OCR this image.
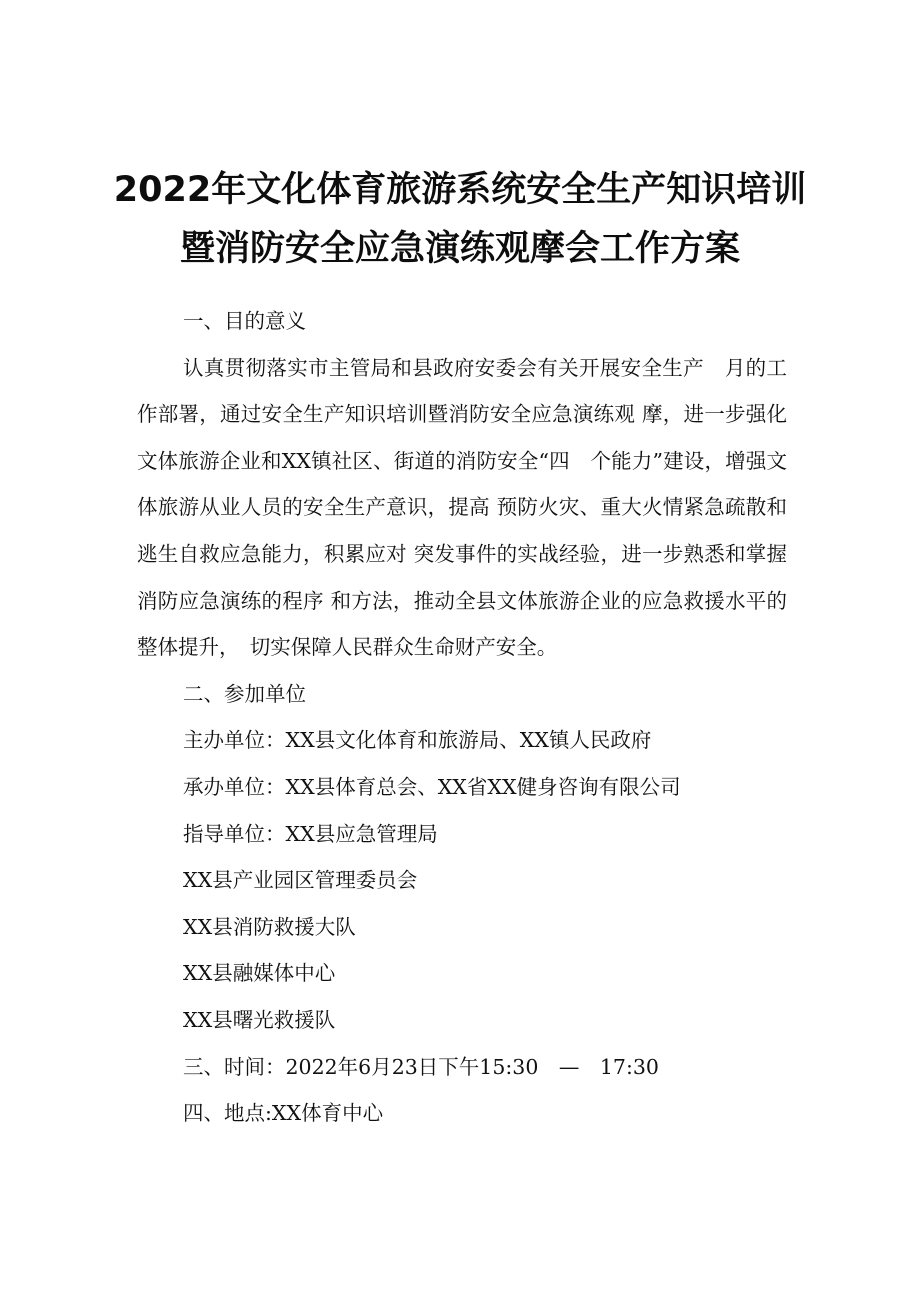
2022年文化体育旅游系统安全生产知识培训
暨消防安全应急演练观摩会工作方案

一、目的意义

认真贯彻落实市主管局和县政府安委会有关开展安全生产　月的工作部署，通过安全生产知识培训暨消防安全应急演练观 摩，进一步强化文体旅游企业和XX镇社区、街道的消防安全“四　个能力”建设，增强文体旅游从业人员的安全生产意识，提高 预防火灾、重大火情紧急疏散和逃生自救应急能力，积累应对 突发事件的实战经验，进一步熟悉和掌握消防应急演练的程序 和方法，推动全县文体旅游企业的应急救援水平的整体提升，　切实保障人民群众生命财产安全。

二、参加单位

主办单位：XX县文化体育和旅游局、XX镇人民政府

承办单位：XX县体育总会、XX省XX健身咨询有限公司

指导单位：XX县应急管理局

XX县产业园区管理委员会

XX县消防救援大队

XX县融媒体中心

XX县曙光救援队

三、时间：2022年6月23日下午15:30　—　17:30

四、地点:XX体育中心
